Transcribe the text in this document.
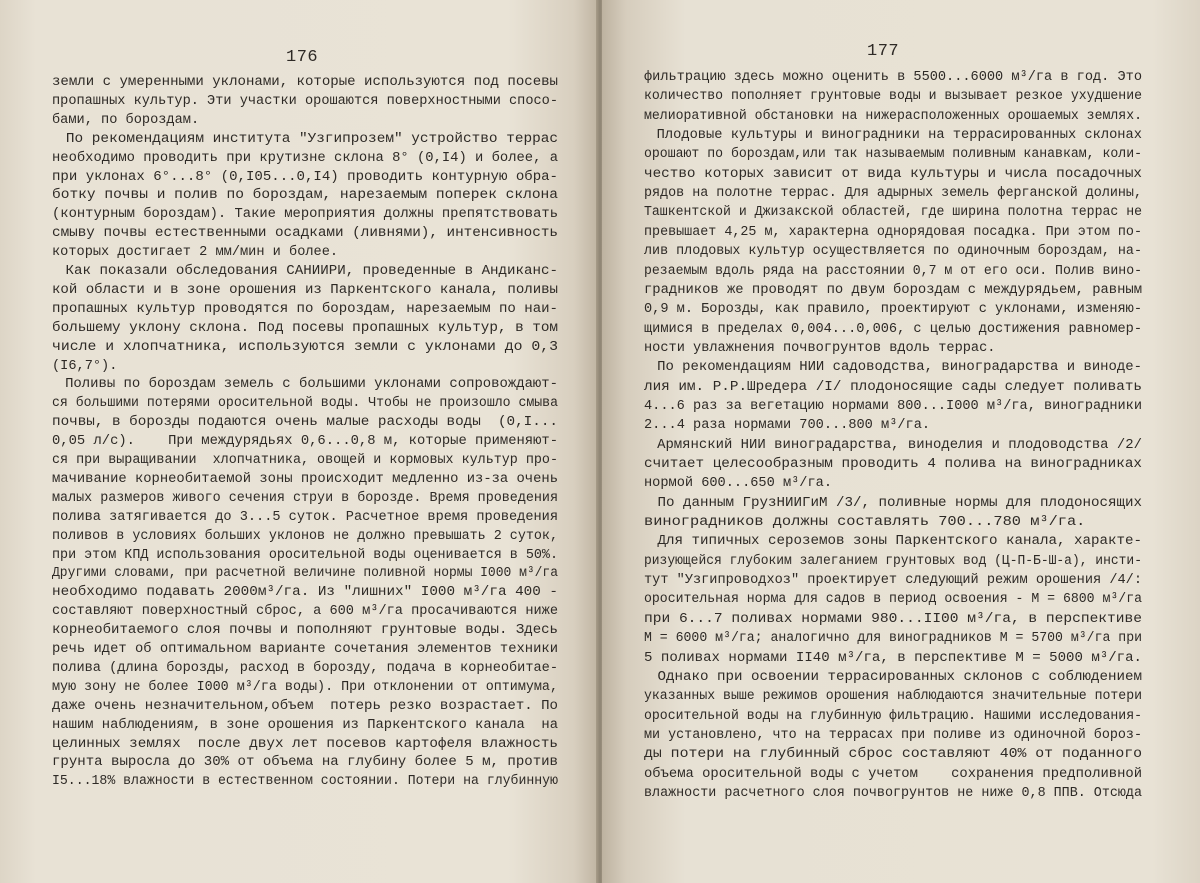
176
земли с умеренными уклонами, которые используются под посевы
пропашных культур. Эти участки орошаются поверхностными спосо-
бами, по бороздам.
По рекомендациям института "Узгипрозем" устройство террас
необходимо проводить при крутизне склона 8° (0,I4) и более, а
при уклонах 6°...8° (0,I05...0,I4) проводить контурную обра-
ботку почвы и полив по бороздам, нарезаемым поперек склона
(контурным бороздам). Такие мероприятия должны препятствовать
смыву почвы естественными осадками (ливнями), интенсивность
которых достигает 2 мм/мин и более.
Как показали обследования САНИИРИ, проведенные в Андиканс-
кой области и в зоне орошения из Паркентского канала, поливы
пропашных культур проводятся по бороздам, нарезаемым по наи-
большему уклону склона. Под посевы пропашных культур, в том
числе и хлопчатника, используются земли с уклонами до 0,3
(I6,7°).
Поливы по бороздам земель с большими уклонами сопровождают-
ся большими потерями оросительной воды. Чтобы не произошло смыва
почвы, в борозды подаются очень малые расходы воды  (0,I...
0,05 л/с).    При междурядьях 0,6...0,8 м, которые применяют-
ся при выращивании  хлопчатника, овощей и кормовых культур про-
мачивание корнеобитаемой зоны происходит медленно из-за очень
малых размеров живого сечения струи в борозде. Время проведения
полива затягивается до 3...5 суток. Расчетное время проведения
поливов в условиях больших уклонов не должно превышать 2 суток,
при этом КПД использования оросительной воды оценивается в 50%.
Другими словами, при расчетной величине поливной нормы I000 м³/га
необходимо подавать 2000м³/га. Из "лишних" I000 м³/га 400 -
составляют поверхностный сброс, а 600 м³/га просачиваются ниже
корнеобитаемого слоя почвы и пополняют грунтовые воды. Здесь
речь идет об оптимальном варианте сочетания элементов техники
полива (длина борозды, расход в борозду, подача в корнеобитае-
мую зону не более I000 м³/га воды). При отклонении от оптимума,
даже очень незначительном,объем  потерь резко возрастает. По
нашим наблюдениям, в зоне орошения из Паркентского канала  на
целинных землях  после двух лет посевов картофеля влажность
грунта выросла до 30% от объема на глубину более 5 м, против
I5...18% влажности в естественном состоянии. Потери на глубинную
177
фильтрацию здесь можно оценить в 5500...6000 м³/га в год. Это
количество пополняет грунтовые воды и вызывает резкое ухудшение
мелиоративной обстановки на нижерасположенных орошаемых землях.
Плодовые культуры и виноградники на террасированных склонах
орошают по бороздам,или так называемым поливным канавкам, коли-
чество которых зависит от вида культуры и числа посадочных
рядов на полотне террас. Для адырных земель ферганской долины,
Ташкентской и Джизакской областей, где ширина полотна террас не
превышает 4,25 м, характерна однорядовая посадка. При этом по-
лив плодовых культур осуществляется по одиночным бороздам, на-
резаемым вдоль ряда на расстоянии 0,7 м от его оси. Полив вино-
градников же проводят по двум бороздам с междурядьем, равным
0,9 м. Борозды, как правило, проектируют с уклонами, изменяю-
щимися в пределах 0,004...0,006, с целью достижения равномер-
ности увлажнения почвогрунтов вдоль террас.
По рекомендациям НИИ садоводства, виноградарства и виноде-
лия им. Р.Р.Шредера /I/ плодоносящие сады следует поливать
4...6 раз за вегетацию нормами 800...I000 м³/га, виноградники
2...4 раза нормами 700...800 м³/га.
Армянский НИИ виноградарства, виноделия и плодоводства /2/
считает целесообразным проводить 4 полива на виноградниках
нормой 600...650 м³/га.
По данным ГрузНИИГиМ /3/, поливные нормы для плодоносящих
виноградников должны составлять 700...780 м³/га.
Для типичных сероземов зоны Паркентского канала, характе-
ризующейся глубоким залеганием грунтовых вод (Ц-П-Б-Ш-а), инсти-
тут "Узгипроводхоз" проектирует следующий режим орошения /4/:
оросительная норма для садов в период освоения - М = 6800 м³/га
при 6...7 поливах нормами 980...II00 м³/га, в перспективе
М = 6000 м³/га; аналогично для виноградников М = 5700 м³/га при
5 поливах нормами II40 м³/га, в перспективе М = 5000 м³/га.
Однако при освоении террасированных склонов с соблюдением
указанных выше режимов орошения наблюдаются значительные потери
оросительной воды на глубинную фильтрацию. Нашими исследования-
ми установлено, что на террасах при поливе из одиночной бороз-
ды потери на глубинный сброс составляют 40% от поданного
объема оросительной воды с учетом    сохранения предполивной
влажности расчетного слоя почвогрунтов не ниже 0,8 ППВ. Отсюда
